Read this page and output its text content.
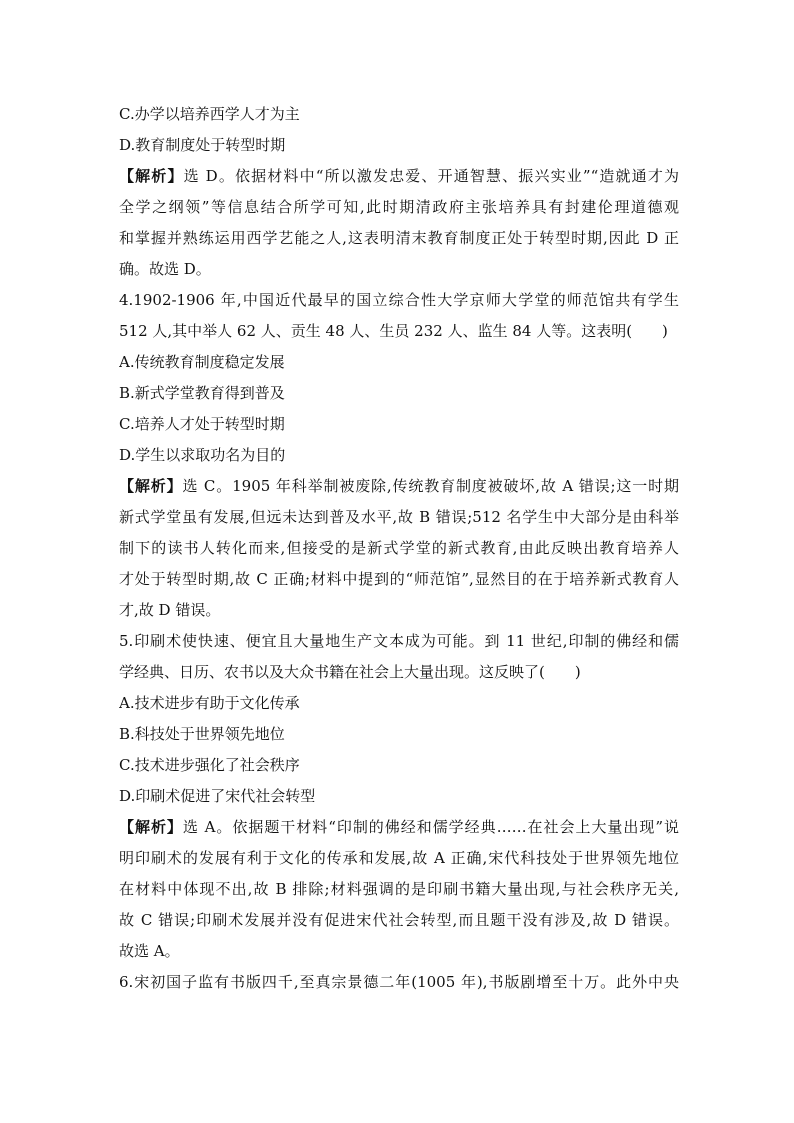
C.办学以培养西学人才为主

D.教育制度处于转型时期

【解析】选 D。依据材料中“所以激发忠爱、开通智慧、振兴实业”“造就通才为

全学之纲领”等信息结合所学可知,此时期清政府主张培养具有封建伦理道德观

和掌握并熟练运用西学艺能之人,这表明清末教育制度正处于转型时期,因此 D 正

确。故选 D。

4.1902-1906 年,中国近代最早的国立综合性大学京师大学堂的师范馆共有学生

512 人,其中举人 62 人、贡生 48 人、生员 232 人、监生 84 人等。这表明(　　)

A.传统教育制度稳定发展

B.新式学堂教育得到普及

C.培养人才处于转型时期

D.学生以求取功名为目的

【解析】选 C。1905 年科举制被废除,传统教育制度被破坏,故 A 错误;这一时期

新式学堂虽有发展,但远未达到普及水平,故 B 错误;512 名学生中大部分是由科举

制下的读书人转化而来,但接受的是新式学堂的新式教育,由此反映出教育培养人

才处于转型时期,故 C 正确;材料中提到的“师范馆”,显然目的在于培养新式教育人

才,故 D 错误。

5.印刷术使快速、便宜且大量地生产文本成为可能。到 11 世纪,印制的佛经和儒

学经典、日历、农书以及大众书籍在社会上大量出现。这反映了(　　)

A.技术进步有助于文化传承

B.科技处于世界领先地位

C.技术进步强化了社会秩序

D.印刷术促进了宋代社会转型

【解析】选 A。依据题干材料“印制的佛经和儒学经典……在社会上大量出现”说

明印刷术的发展有利于文化的传承和发展,故 A 正确,宋代科技处于世界领先地位

在材料中体现不出,故 B 排除;材料强调的是印刷书籍大量出现,与社会秩序无关,

故 C 错误;印刷术发展并没有促进宋代社会转型,而且题干没有涉及,故 D 错误。

故选 A。

6.宋初国子监有书版四千,至真宗景德二年(1005 年),书版剧增至十万。此外中央
